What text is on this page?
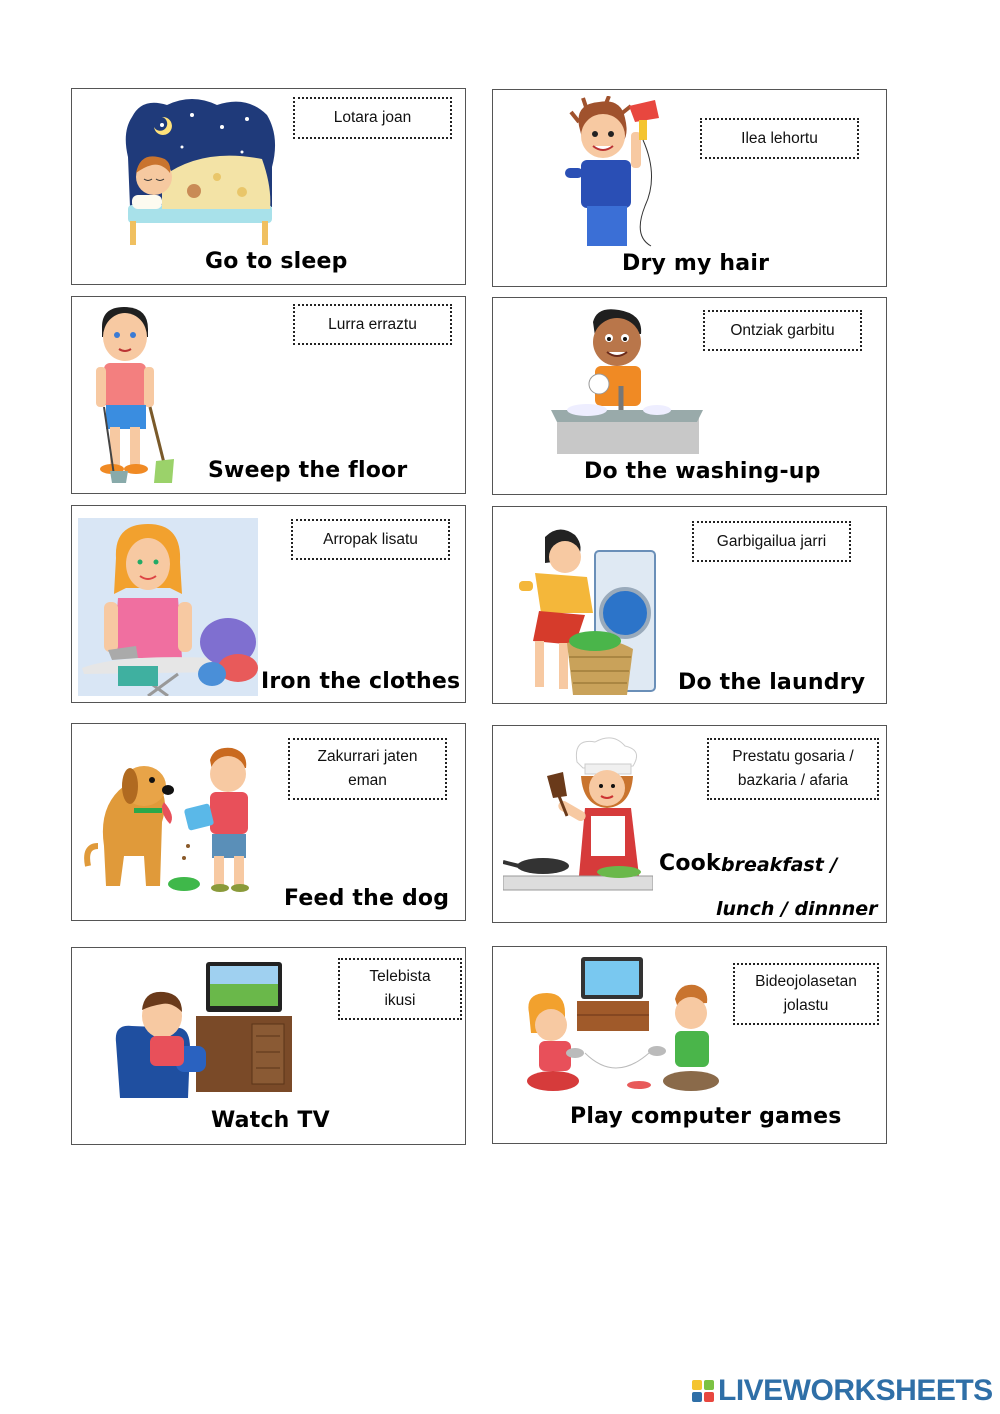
Lotara joan
Go to sleep
Ilea lehortu
Dry my hair
Lurra erraztu
Sweep the floor
Ontziak garbitu
Do the washing-up
Arropak lisatu
Iron the clothes
Garbigailua jarri
Do the laundry
Zakurrari jaten
eman
Feed the dog
Prestatu gosaria /
bazkaria / afaria
Cook breakfast /
lunch / dinnner
Telebista
ikusi
Watch TV
Bideojolasetan
jolastu
Play computer games
LIVEWORKSHEETS
